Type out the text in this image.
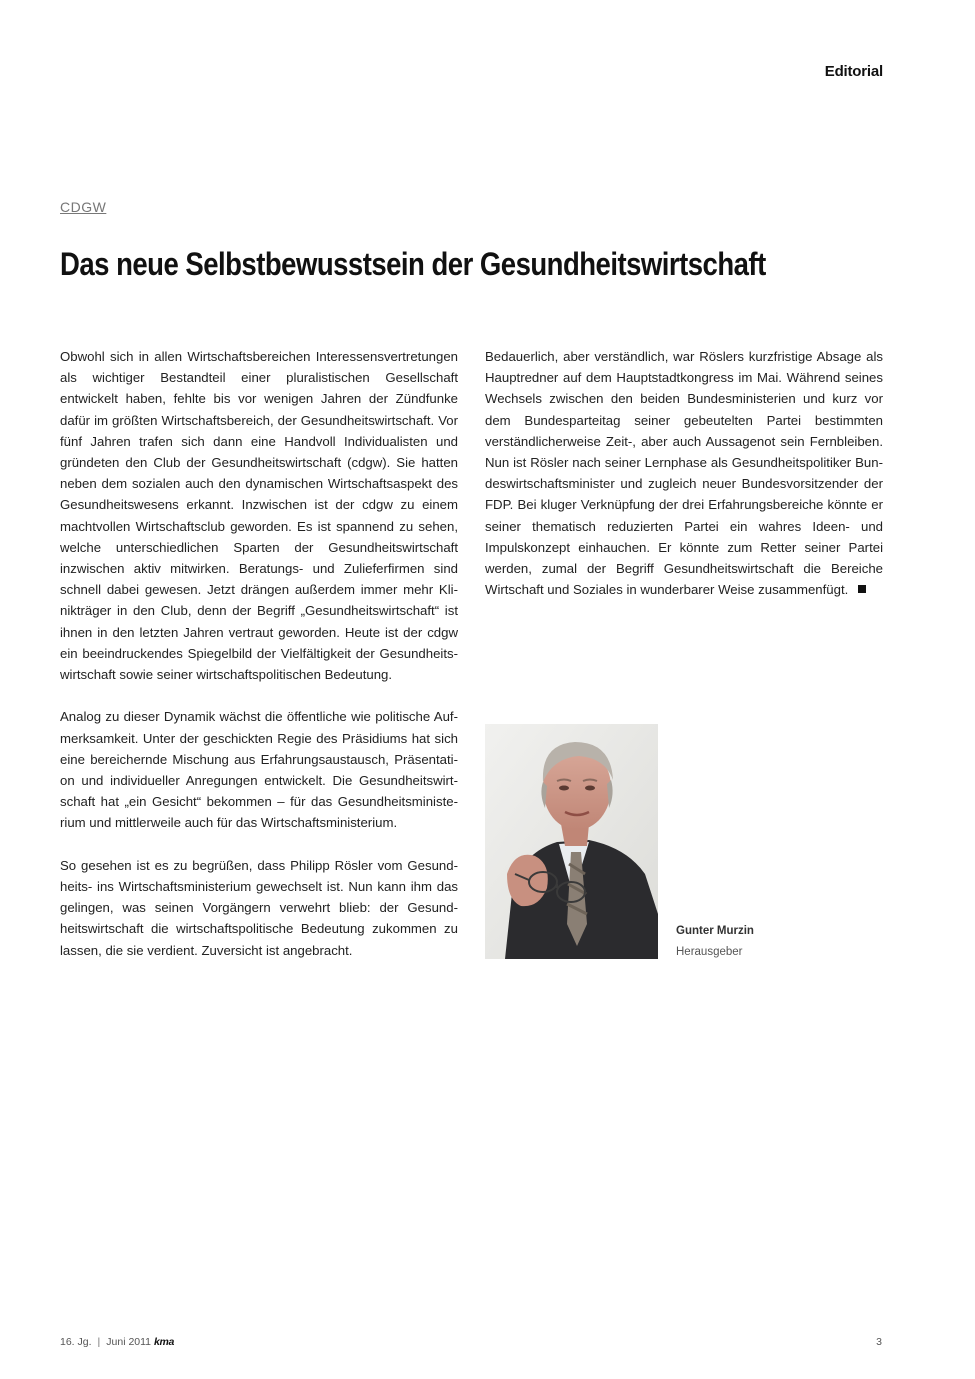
Editorial
CDGW
Das neue Selbstbewusstsein der Gesundheitswirtschaft

Obwohl sich in allen Wirtschaftsbereichen Interessensvertretungen als wichtiger Bestandteil einer pluralistischen Gesellschaft entwickelt haben, fehlte bis vor wenigen Jahren der Zündfunke dafür im größten Wirtschaftsbereich, der Gesundheitswirtschaft. Vor fünf Jahren trafen sich dann eine Handvoll Individualisten und gründeten den Club der Gesundheitswirtschaft (cdgw). Sie hatten neben dem sozialen auch den dynamischen Wirtschaftsaspekt des Gesundheitswesens erkannt. Inzwischen ist der cdgw zu einem machtvollen Wirtschaftsclub geworden. Es ist spannend zu sehen, welche unterschiedlichen Sparten der Gesundheitswirtschaft inzwischen aktiv mitwirken. Beratungs- und Zulieferfirmen sind schnell dabei gewesen. Jetzt drängen außerdem immer mehr Klinikträger in den Club, denn der Begriff „Gesundheitswirtschaft“ ist ihnen in den letzten Jahren vertraut geworden. Heute ist der cdgw ein beeindruckendes Spiegelbild der Vielfältigkeit der Gesundheitswirtschaft sowie seiner wirtschaftspolitischen Bedeutung.

Analog zu dieser Dynamik wächst die öffentliche wie politische Aufmerksamkeit. Unter der geschickten Regie des Präsidiums hat sich eine bereichernde Mischung aus Erfahrungsaustausch, Präsentation und individueller Anregungen entwickelt. Die Gesundheitswirtschaft hat „ein Gesicht“ bekommen – für das Gesundheitsministerium und mittlerweile auch für das Wirtschaftsministerium.

So gesehen ist es zu begrüßen, dass Philipp Rösler vom Gesundheits- ins Wirtschaftsministerium gewechselt ist. Nun kann ihm das gelingen, was seinen Vorgängern verwehrt blieb: der Gesundheitswirtschaft die wirtschaftspolitische Bedeutung zukommen zu lassen, die sie verdient. Zuversicht ist angebracht.

Bedauerlich, aber verständlich, war Röslers kurzfristige Absage als Hauptredner auf dem Hauptstadtkongress im Mai. Während seines Wechsels zwischen den beiden Bundesministerien und kurz vor dem Bundesparteitag seiner gebeutelten Partei bestimmten verständlicherweise Zeit-, aber auch Aussagenot sein Fernbleiben. Nun ist Rösler nach seiner Lernphase als Gesundheitspolitiker Bundeswirtschaftsminister und zugleich neuer Bundesvorsitzender der FDP. Bei kluger Verknüpfung der drei Erfahrungsbereiche könnte er seiner thematisch reduzierten Partei ein wahres Ideen- und Impulskonzept einhauchen. Er könnte zum Retter seiner Partei werden, zumal der Begriff Gesundheitswirtschaft die Bereiche Wirtschaft und Soziales in wunderbarer Weise zusammenfügt.

Gunter Murzin
Herausgeber
16. Jg. | Juni 2011 kma	3
